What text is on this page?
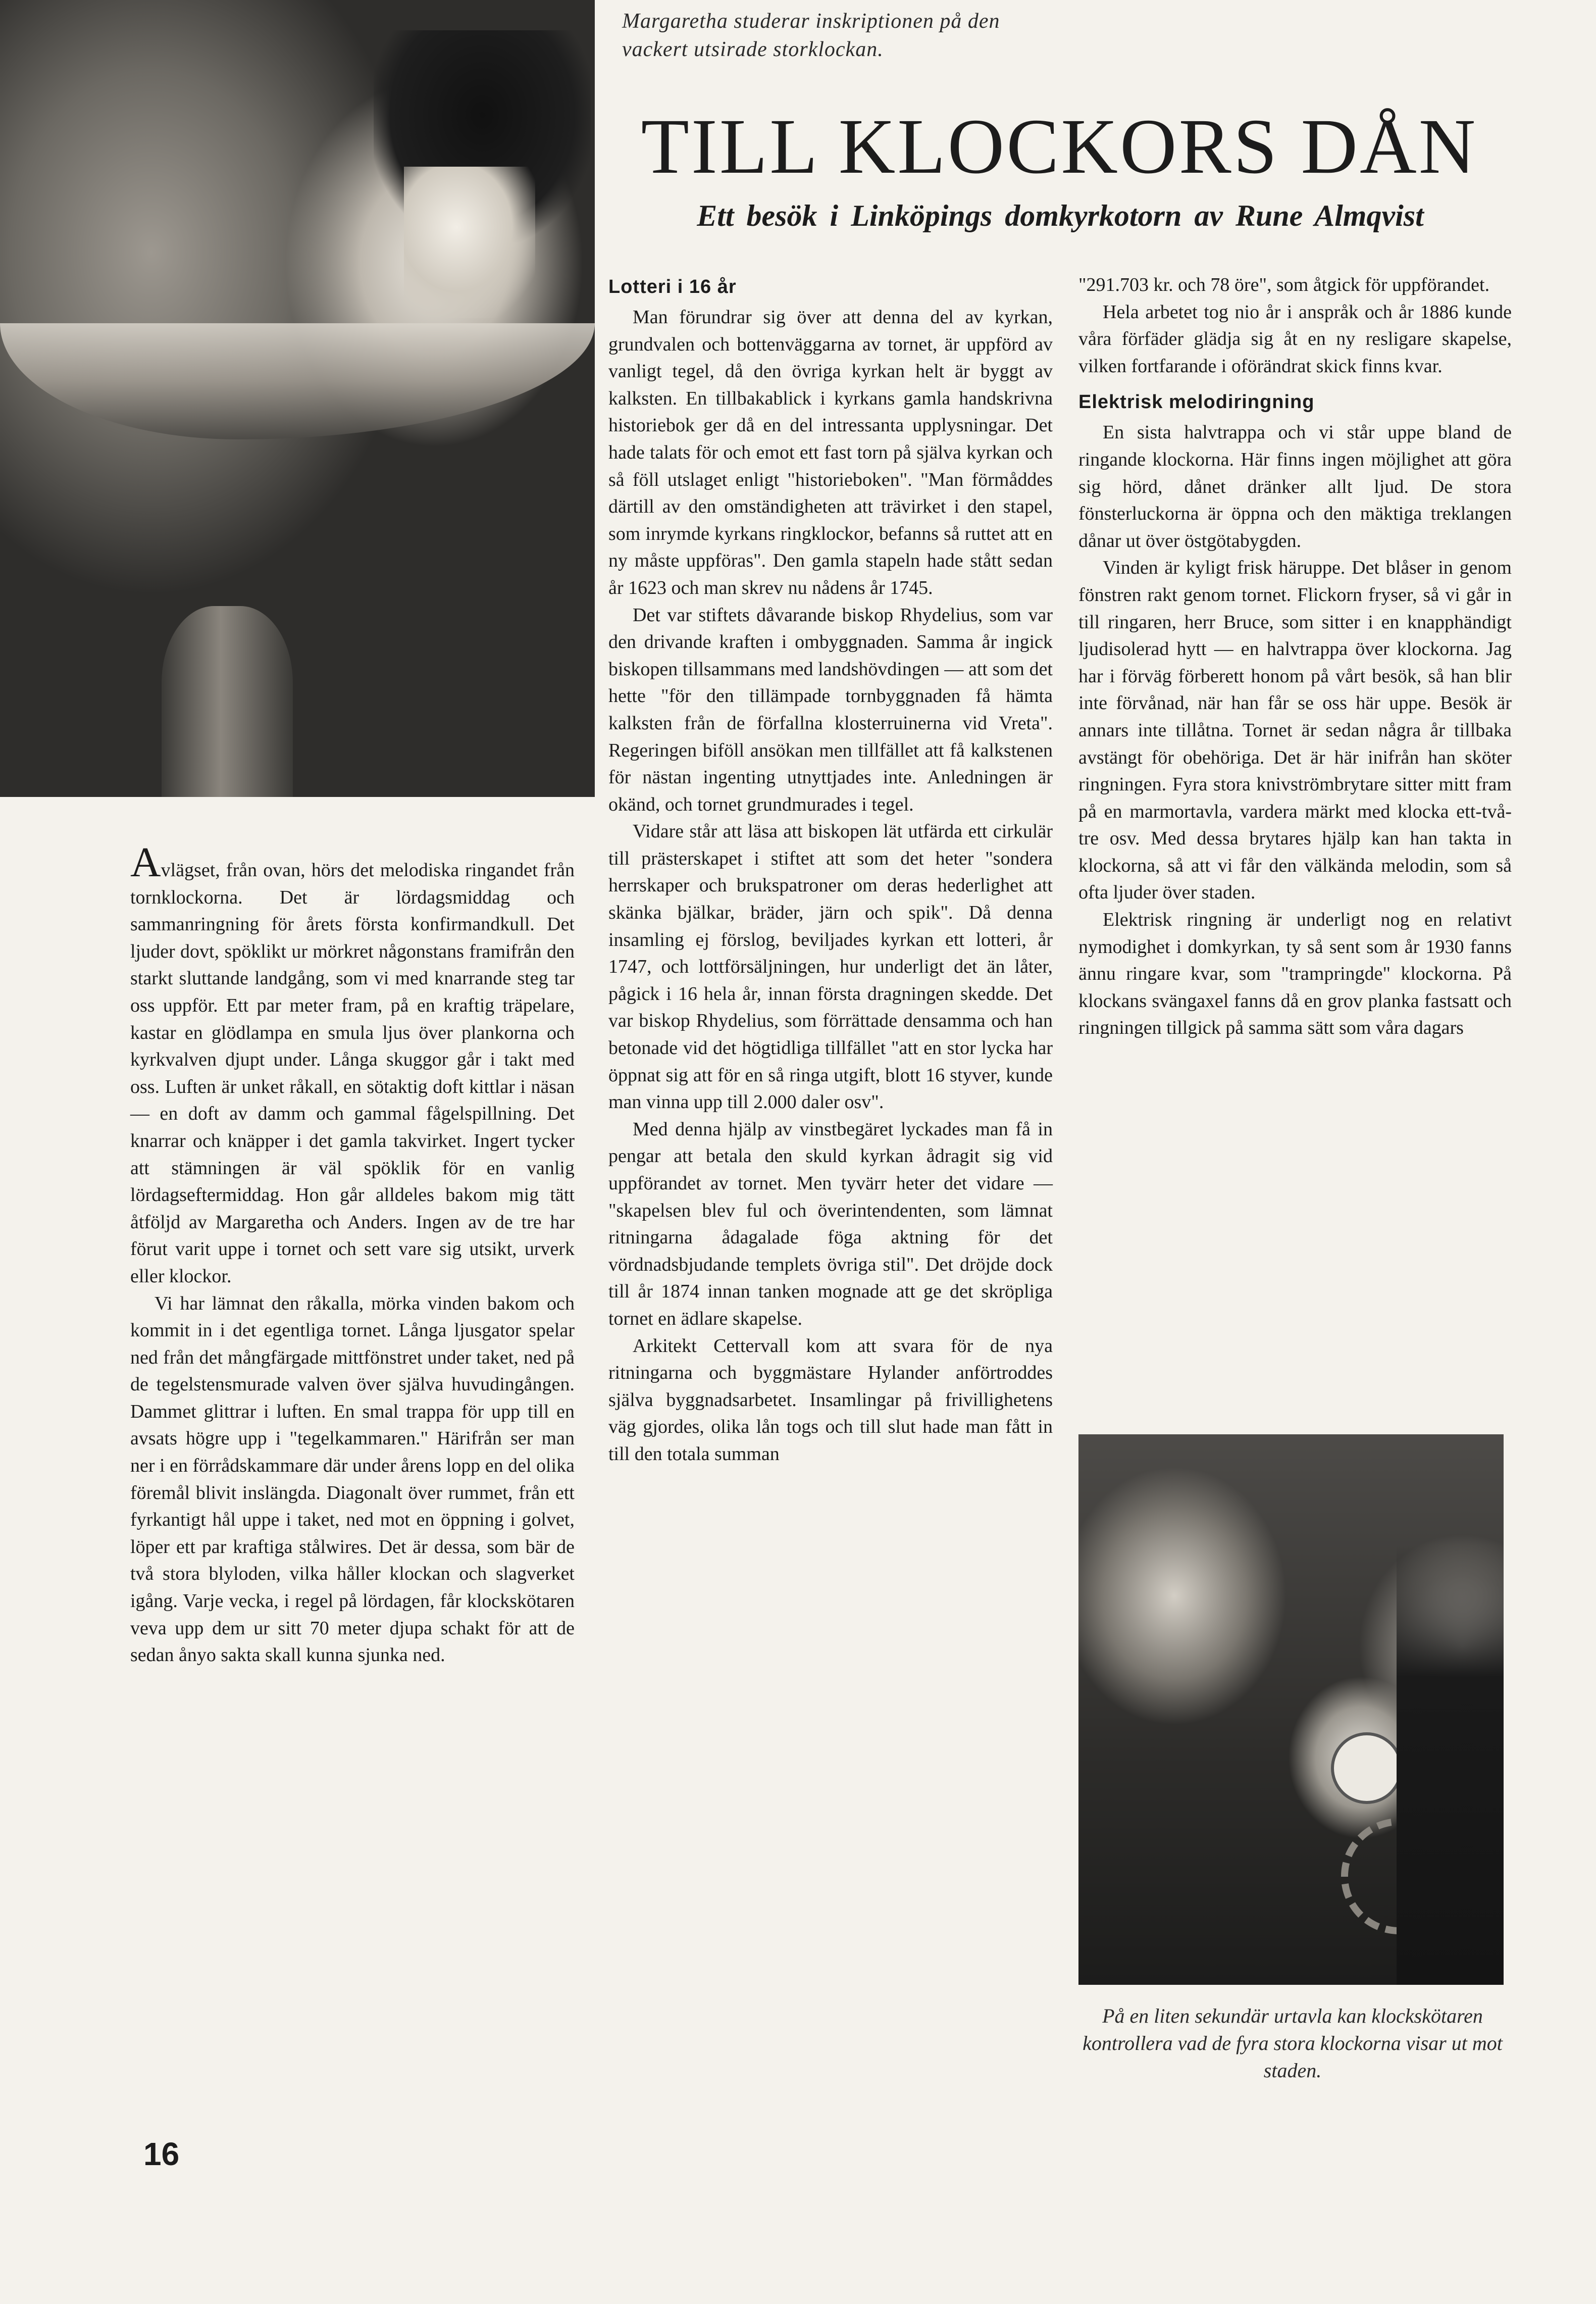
Margaretha studerar inskriptionen på den vackert utsirade storklockan.
TILL KLOCKORS DÅN
Ett besök i Linköpings domkyrkotorn av Rune Almqvist

Avlägset, från ovan, hörs det melodiska ringandet från tornklockorna. Det är lördagsmiddag och sammanringning för årets första konfirmandkull. Det ljuder dovt, spöklikt ur mörkret någonstans framifrån den starkt sluttande landgång, som vi med knarrande steg tar oss uppför. Ett par meter fram, på en kraftig träpelare, kastar en glödlampa en smula ljus över plankorna och kyrkvalven djupt under. Långa skuggor går i takt med oss. Luften är unket råkall, en sötaktig doft kittlar i näsan — en doft av damm och gammal fågelspillning. Det knarrar och knäpper i det gamla takvirket. Ingert tycker att stämningen är väl spöklik för en vanlig lördagseftermiddag. Hon går alldeles bakom mig tätt åtföljd av Margaretha och Anders. Ingen av de tre har förut varit uppe i tornet och sett vare sig utsikt, urverk eller klockor.

Vi har lämnat den råkalla, mörka vinden bakom och kommit in i det egentliga tornet. Långa ljusgator spelar ned från det mångfärgade mittfönstret under taket, ned på de tegelstensmurade valven över själva huvudingången. Dammet glittrar i luften. En smal trappa för upp till en avsats högre upp i "tegelkammaren." Härifrån ser man ner i en förrådskammare där under årens lopp en del olika föremål blivit inslängda. Diagonalt över rummet, från ett fyrkantigt hål uppe i taket, ned mot en öppning i golvet, löper ett par kraftiga stålwires. Det är dessa, som bär de två stora blyloden, vilka håller klockan och slagverket igång. Varje vecka, i regel på lördagen, får klockskötaren veva upp dem ur sitt 70 meter djupa schakt för att de sedan ånyo sakta skall kunna sjunka ned.

Lotteri i 16 år

Man förundrar sig över att denna del av kyrkan, grundvalen och bottenväggarna av tornet, är uppförd av vanligt tegel, då den övriga kyrkan helt är byggt av kalksten. En tillbakablick i kyrkans gamla handskrivna historiebok ger då en del intressanta upplysningar. Det hade talats för och emot ett fast torn på själva kyrkan och så föll utslaget enligt "historieboken". "Man förmåddes därtill av den omständigheten att trävirket i den stapel, som inrymde kyrkans ringklockor, befanns så ruttet att en ny måste uppföras". Den gamla stapeln hade stått sedan år 1623 och man skrev nu nådens år 1745.

Det var stiftets dåvarande biskop Rhydelius, som var den drivande kraften i ombyggnaden. Samma år ingick biskopen tillsammans med landshövdingen — att som det hette "för den tillämpade tornbyggnaden få hämta kalksten från de förfallna klosterruinerna vid Vreta". Regeringen biföll ansökan men tillfället att få kalkstenen för nästan ingenting utnyttjades inte. Anledningen är okänd, och tornet grundmurades i tegel.

Vidare står att läsa att biskopen lät utfärda ett cirkulär till prästerskapet i stiftet att som det heter "sondera herrskaper och brukspatroner om deras hederlighet att skänka bjälkar, bräder, järn och spik". Då denna insamling ej förslog, beviljades kyrkan ett lotteri, år 1747, och lottförsäljningen, hur underligt det än låter, pågick i 16 hela år, innan första dragningen skedde. Det var biskop Rhydelius, som förrättade densamma och han betonade vid det högtidliga tillfället "att en stor lycka har öppnat sig att för en så ringa utgift, blott 16 styver, kunde man vinna upp till 2.000 daler osv".

Med denna hjälp av vinstbegäret lyckades man få in pengar att betala den skuld kyrkan ådragit sig vid uppförandet av tornet. Men tyvärr heter det vidare — "skapelsen blev ful och överintendenten, som lämnat ritningarna ådagalade föga aktning för det vördnadsbjudande templets övriga stil". Det dröjde dock till år 1874 innan tanken mognade att ge det skröpliga tornet en ädlare skapelse.

Arkitekt Cettervall kom att svara för de nya ritningarna och byggmästare Hylander anförtroddes själva byggnadsarbetet. Insamlingar på frivillighetens väg gjordes, olika lån togs och till slut hade man fått in till den totala summan

"291.703 kr. och 78 öre", som åtgick för uppförandet.

Hela arbetet tog nio år i anspråk och år 1886 kunde våra förfäder glädja sig åt en ny resligare skapelse, vilken fortfarande i oförändrat skick finns kvar.

Elektrisk melodiringning

En sista halvtrappa och vi står uppe bland de ringande klockorna. Här finns ingen möjlighet att göra sig hörd, dånet dränker allt ljud. De stora fönsterluckorna är öppna och den mäktiga treklangen dånar ut över östgötabygden.

Vinden är kyligt frisk häruppe. Det blåser in genom fönstren rakt genom tornet. Flickorn fryser, så vi går in till ringaren, herr Bruce, som sitter i en knapphändigt ljudisolerad hytt — en halvtrappa över klockorna. Jag har i förväg förberett honom på vårt besök, så han blir inte förvånad, när han får se oss här uppe. Besök är annars inte tillåtna. Tornet är sedan några år tillbaka avstängt för obehöriga. Det är här inifrån han sköter ringningen. Fyra stora knivströmbrytare sitter mitt fram på en marmortavla, vardera märkt med klocka ett-två-tre osv. Med dessa brytares hjälp kan han takta in klockorna, så att vi får den välkända melodin, som så ofta ljuder över staden.

Elektrisk ringning är underligt nog en relativt nymodighet i domkyrkan, ty så sent som år 1930 fanns ännu ringare kvar, som "trampringde" klockorna. På klockans svängaxel fanns då en grov planka fastsatt och ringningen tillgick på samma sätt som våra dagars

På en liten sekundär urtavla kan klockskötaren kontrollera vad de fyra stora klockorna visar ut mot staden.
16
